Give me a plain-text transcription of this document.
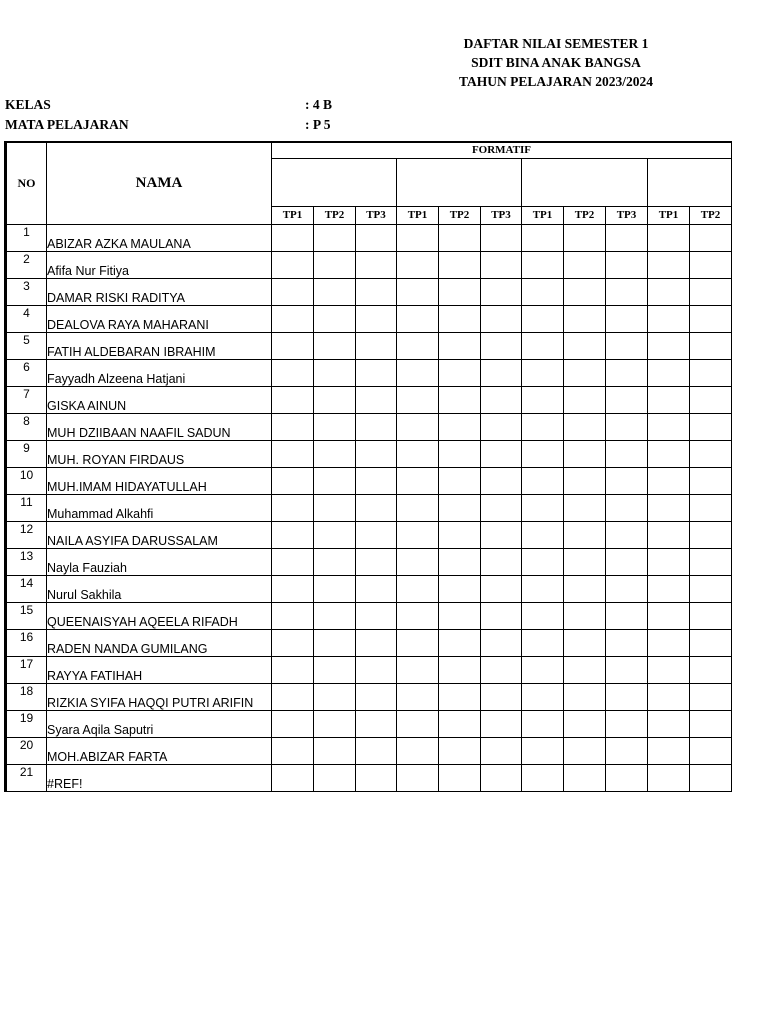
DAFTAR NILAI SEMESTER 1
SDIT BINA ANAK BANGSA
TAHUN PELAJARAN 2023/2024
KELAS	: 4 B
MATA PELAJARAN	: P 5
NO	NAMA	FORMATIF										

		TP1	TP2	TP3	TP1	TP2	TP3	TP1	TP2	TP3	TP1	TP2
1	ABIZAR AZKA MAULANA											
2	Afifa Nur Fitiya											
3	DAMAR RISKI RADITYA											
4	DEALOVA RAYA MAHARANI											
5	FATIH ALDEBARAN IBRAHIM											
6	Fayyadh Alzeena Hatjani											
7	GISKA AINUN											
8	MUH DZIIBAAN NAAFIL SADUN											
9	MUH. ROYAN FIRDAUS											
10	MUH.IMAM HIDAYATULLAH											
11	Muhammad Alkahfi											
12	NAILA ASYIFA DARUSSALAM											
13	Nayla Fauziah											
14	Nurul Sakhila											
15	QUEENAISYAH AQEELA RIFADH											
16	RADEN NANDA GUMILANG											
17	RAYYA FATIHAH											
18	RIZKIA SYIFA HAQQI PUTRI ARIFIN											
19	Syara Aqila Saputri											
20	MOH.ABIZAR FARTA											
21	#REF!											
